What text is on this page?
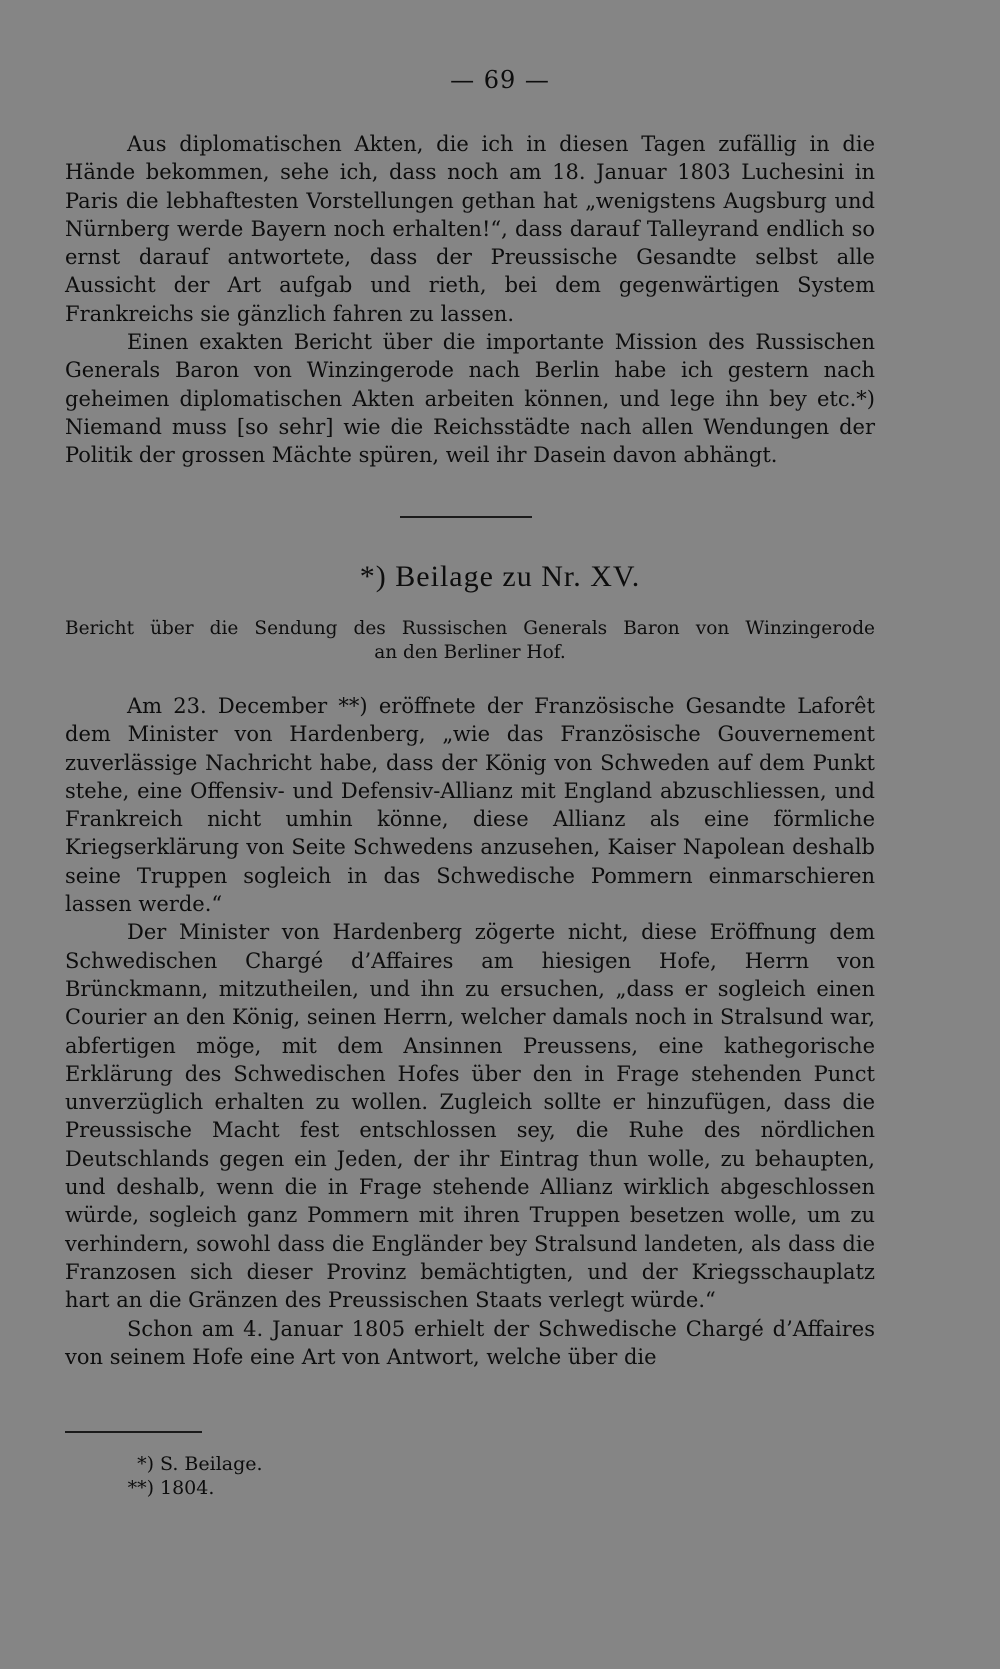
— 69 —

Aus diplomatischen Akten, die ich in diesen Tagen zufällig in die Hände bekommen, sehe ich, dass noch am 18. Januar 1803 Luchesini in Paris die lebhaftesten Vorstellungen gethan hat „wenigstens Augsburg und Nürnberg werde Bayern noch erhalten!“, dass darauf Talleyrand endlich so ernst darauf antwortete, dass der Preussische Gesandte selbst alle Aussicht der Art aufgab und rieth, bei dem gegenwärtigen System Frankreichs sie gänzlich fahren zu lassen.

Einen exakten Bericht über die importante Mission des Russischen Generals Baron von Winzingerode nach Berlin habe ich gestern nach geheimen diplomatischen Akten arbeiten können, und lege ihn bey etc.*) Niemand muss [so sehr] wie die Reichsstädte nach allen Wendungen der Politik der grossen Mächte spüren, weil ihr Dasein davon abhängt.

*) Beilage zu Nr. XV.
Bericht über die Sendung des Russischen Generals Baron von Winzingerode
an den Berliner Hof.

Am 23. December **) eröffnete der Französische Gesandte Laforêt dem Minister von Hardenberg, „wie das Französische Gouvernement zuverlässige Nachricht habe, dass der König von Schweden auf dem Punkt stehe, eine Offensiv- und Defensiv-Allianz mit England abzuschliessen, und Frankreich nicht umhin könne, diese Allianz als eine förmliche Kriegserklärung von Seite Schwedens anzusehen, Kaiser Napolean deshalb seine Truppen sogleich in das Schwedische Pommern einmarschieren lassen werde.“

Der Minister von Hardenberg zögerte nicht, diese Eröffnung dem Schwedischen Chargé d’Affaires am hiesigen Hofe, Herrn von Brünckmann, mitzutheilen, und ihn zu ersuchen, „dass er sogleich einen Courier an den König, seinen Herrn, welcher damals noch in Stralsund war, abfertigen möge, mit dem Ansinnen Preussens, eine kathegorische Erklärung des Schwedischen Hofes über den in Frage stehenden Punct unverzüglich erhalten zu wollen. Zugleich sollte er hinzufügen, dass die Preussische Macht fest entschlossen sey, die Ruhe des nördlichen Deutschlands gegen ein Jeden, der ihr Eintrag thun wolle, zu behaupten, und deshalb, wenn die in Frage stehende Allianz wirklich abgeschlossen würde, sogleich ganz Pommern mit ihren Truppen besetzen wolle, um zu verhindern, sowohl dass die Engländer bey Stralsund landeten, als dass die Franzosen sich dieser Provinz bemächtigten, und der Kriegsschauplatz hart an die Gränzen des Preussischen Staats verlegt würde.“

Schon am 4. Januar 1805 erhielt der Schwedische Chargé d’Affaires von seinem Hofe eine Art von Antwort, welche über die

*) S. Beilage.
**) 1804.
